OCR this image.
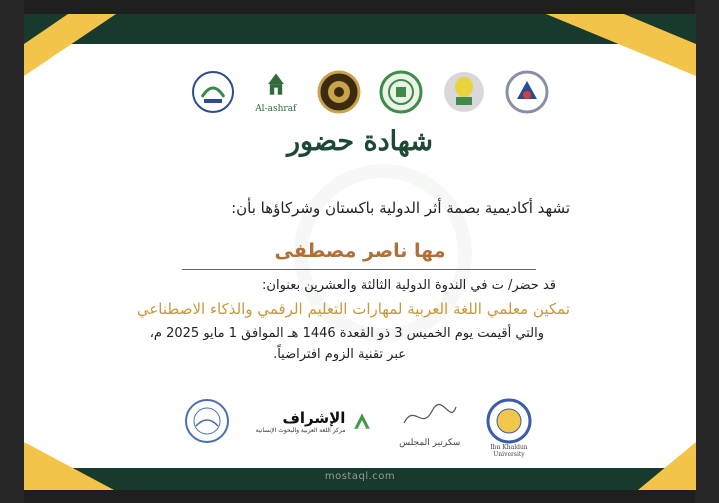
Al-ashraf
شهادة حضور
تشهد أكاديمية بصمة أثر الدولية باكستان وشركاؤها بأن:
مها ناصر مصطفى
قد حضر/ ت في الندوة الدولية الثالثة والعشرين بعنوان:
تمكين معلمي اللغة العربية لمهارات التعليم الرقمي والذكاء الاصطناعي
والتي أقيمت يوم الخميس 3 ذو القعدة 1446 هـ الموافق 1 مايو 2025 م،
عبر تقنية الزوم افتراضياً.
الإشراف
مركز اللغة العربية والبحوث الإنسانية
سكرتير المجلس	Ibn Khaldun University
mostaql.com
